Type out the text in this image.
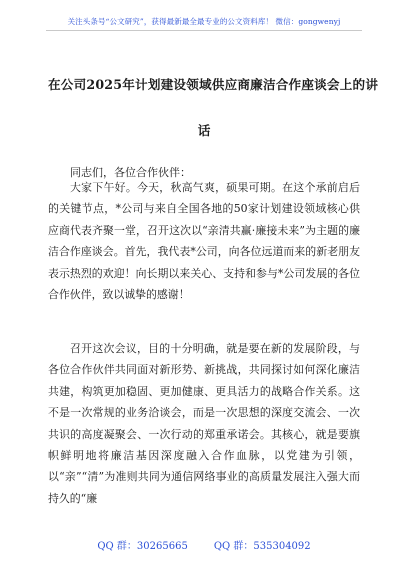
关注头条号“公文研究”，获得最新最全最专业的公文资料库！ 微信：gongwenyj
在公司2025年计划建设领域供应商廉洁合作座谈会上的讲
话
同志们，各位合作伙伴：

大家下午好。今天，秋高气爽，硕果可期。在这个承前启后的关键节点，*公司与来自全国各地的50家计划建设领域核心供应商代表齐聚一堂，召开这次以“亲清共赢·廉接未来”为主题的廉洁合作座谈会。首先，我代表*公司，向各位远道而来的新老朋友表示热烈的欢迎！向长期以来关心、支持和参与*公司发展的各位合作伙伴，致以诚挚的感谢！

召开这次会议，目的十分明确，就是要在新的发展阶段，与各位合作伙伴共同面对新形势、新挑战，共同探讨如何深化廉洁共建，构筑更加稳固、更加健康、更具活力的战略合作关系。这不是一次常规的业务洽谈会，而是一次思想的深度交流会、一次共识的高度凝聚会、一次行动的郑重承诺会。其核心，就是要旗帜鲜明地将廉洁基因深度融入合作血脉，以党建为引领，以“亲”“清”为准则共同为通信网络事业的高质量发展注入强大而持久的“廉

QQ 群：30265665	QQ 群：535304092
